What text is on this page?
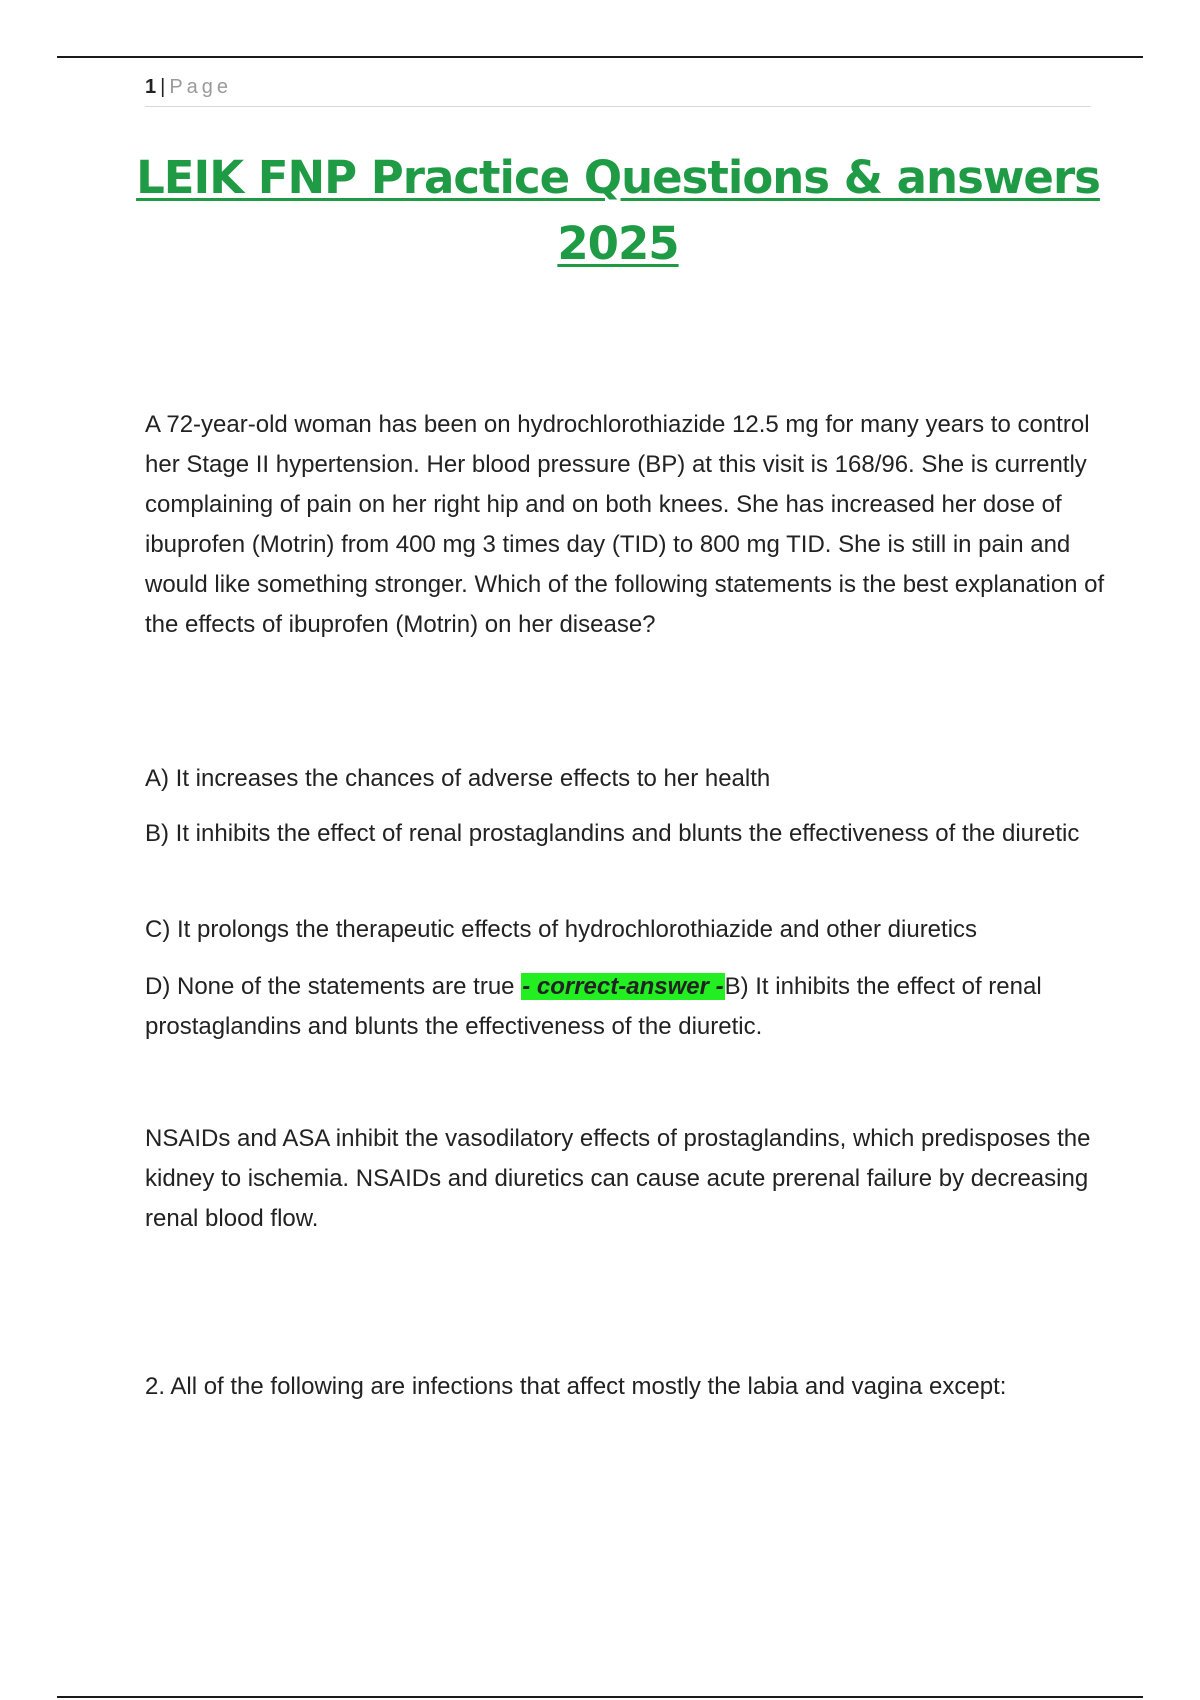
1 | Page
LEIK FNP Practice Questions & answers
2025
A 72-year-old woman has been on hydrochlorothiazide 12.5 mg for many years to control her Stage II hypertension. Her blood pressure (BP) at this visit is 168/96. She is currently complaining of pain on her right hip and on both knees. She has increased her dose of ibuprofen (Motrin) from 400 mg 3 times day (TID) to 800 mg TID. She is still in pain and would like something stronger. Which of the following statements is the best explanation of the effects of ibuprofen (Motrin) on her disease?
A) It increases the chances of adverse effects to her health
B) It inhibits the effect of renal prostaglandins and blunts the effectiveness of the diuretic
C) It prolongs the therapeutic effects of hydrochlorothiazide and other diuretics
D) None of the statements are true - correct-answer -B) It inhibits the effect of renal prostaglandins and blunts the effectiveness of the diuretic.
NSAIDs and ASA inhibit the vasodilatory effects of prostaglandins, which predisposes the kidney to ischemia. NSAIDs and diuretics can cause acute prerenal failure by decreasing renal blood flow.
2. All of the following are infections that affect mostly the labia and vagina except:
